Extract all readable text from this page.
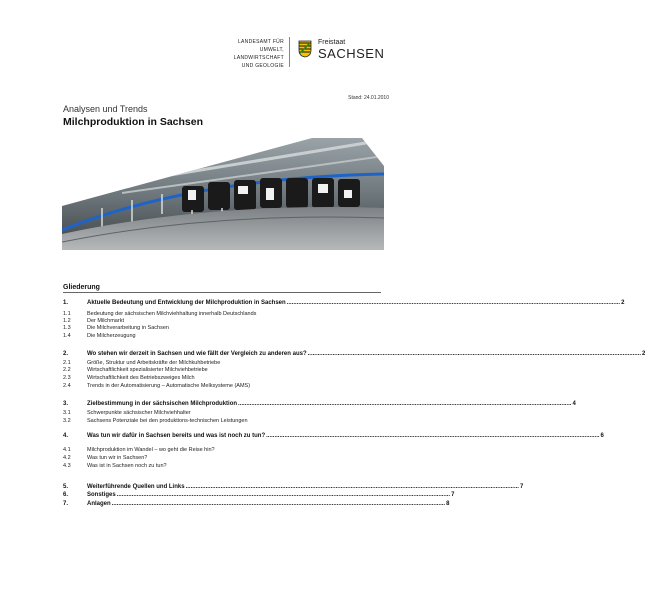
LANDESAMT FÜR UMWELT,
LANDWIRTSCHAFT
UND GEOLOGIE
Freistaat
SACHSEN
Stand: 24.01.2010
Analysen und Trends
Milchproduktion in Sachsen
Gliederung
1.	Aktuelle Bedeutung und Entwicklung der Milchproduktion in Sachsen ........................................................................................................................................................................................................ 2
1.1	Bedeutung der sächsischen Milchviehhaltung innerhalb Deutschlands
1.2	Der Milchmarkt
1.3	Die Milchverarbeitung in Sachsen
1.4	Die Milcherzeugung
2.	Wo stehen wir derzeit in Sachsen und wie fällt der Vergleich zu anderen aus? ........................................................................................................................................................................................................ 2
2.1	Größe, Struktur und Arbeitskräfte der Milchkuhbetriebe
2.2	Wirtschaftlichkeit spezialisierter Milchviehbetriebe
2.3	Wirtschaftlichkeit des Betriebszweiges Milch
2.4	Trends in der Automatisierung – Automatische Melksysteme (AMS)
3.	Zielbestimmung in der sächsischen Milchproduktion ........................................................................................................................................................................................................ 4
3.1	Schwerpunkte sächsischer Milchviehhalter
3.2	Sachsens Potenziale bei den produktions-technischen Leistungen
4.	Was tun wir dafür in Sachsen bereits und was ist noch zu tun? ........................................................................................................................................................................................................ 6
4.1	Milchproduktion im Wandel – wo geht die Reise hin?
4.2	Was tun wir in Sachsen?
4.3	Was ist in Sachsen noch zu tun?
5.	Weiterführende Quellen und Links ........................................................................................................................................................................................................ 7
6.	Sonstiges ........................................................................................................................................................................................................ 7
7.	Anlagen ........................................................................................................................................................................................................ 8
